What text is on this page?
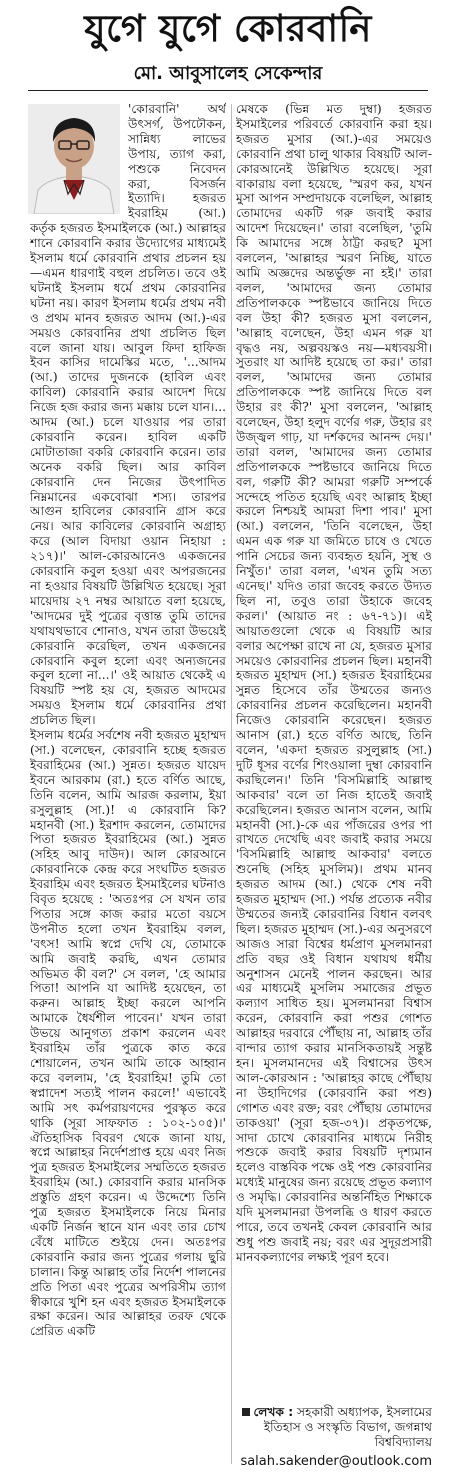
যুগে যুগে কোরবানি
মো. আবুসালেহ সেকেন্দার

'কোরবানি' অর্থ উৎসর্গ, উপঢৌকন, সান্নিধ্য লাভের উপায়, ত্যাগ করা, পশুকে নিবেদন করা, বিসর্জন ইত্যাদি। হজরত ইবরাহিম (আ.) কর্তৃক হজরত ইসমাইলকে (আ.) আল্লাহর শানে কোরবানি করার উদ্যোগের মাধ্যমেই ইসলাম ধর্মে কোরবানি প্রথার প্রচলন হয়—এমন ধারণাই বহুল প্রচলিত। তবে ওই ঘটনাই ইসলাম ধর্মে প্রথম কোরবানির ঘটনা নয়। কারণ ইসলাম ধর্মের প্রথম নবী ও প্রথম মানব হজরত আদম (আ.)-এর সময়ও কোরবানির প্রথা প্রচলিত ছিল বলে জানা যায়। আবুল ফিদা হাফিজ ইবন কাসির দামেস্কির মতে, '...আদম (আ.) তাদের দুজনকে (হাবিল এবং কাবিল) কোরবানি করার আদেশ দিয়ে নিজে হজ করার জন্য মক্কায় চলে যান।... আদম (আ.) চলে যাওয়ার পর তারা কোরবানি করেন। হাবিল একটি মোটাতাজা বকরি কোরবানি করেন। তার অনেক বকরি ছিল। আর কাবিল কোরবানি দেন নিজের উৎপাদিত নিম্নমানের একবোঝা শস্য। তারপর আগুন হাবিলের কোরবানি গ্রাস করে নেয়। আর কাবিলের কোরবানি অগ্রাহ্য করে (আল বিদায়া ওয়ান নিহায়া : ২১৭)।' আল-কোরআনেও একজনের কোরবানি কবুল হওয়া এবং অপরজনের না হওয়ার বিষয়টি উল্লিখিত হয়েছে। সূরা মায়েদায় ২৭ নম্বর আয়াতে বলা হয়েছে, 'আদমের দুই পুত্রের বৃত্তান্ত তুমি তাদের যথাযথভাবে শোনাও, যখন তারা উভয়েই কোরবানি করেছিল, তখন একজনের কোরবানি কবুল হলো এবং অন্যজনের কবুল হলো না...।' ওই আয়াত থেকেই এ বিষয়টি স্পষ্ট হয় যে, হজরত আদমের সময়ও ইসলাম ধর্মে কোরবানির প্রথা প্রচলিত ছিল।

ইসলাম ধর্মের সর্বশেষ নবী হজরত মুহাম্মদ (সা.) বলেছেন, কোরবানি হচ্ছে হজরত ইবরাহিমের (আ.) সুন্নত। হজরত যায়েদ ইবনে আরকাম (রা.) হতে বর্ণিত আছে, তিনি বলেন, আমি আরজ করলাম, ইয়া রসুলুল্লাহ (সা.)! এ কোরবানি কি? মহানবী (সা.) ইরশাদ করলেন, তোমাদের পিতা হজরত ইবরাহিমের (আ.) সুন্নত (সহিহ আবু দাউদ)। আল কোরআনে কোরবানিকে কেন্দ্র করে সংঘটিত হজরত ইবরাহিম এবং হজরত ইসমাইলের ঘটনাও বিবৃত হয়েছে : 'অতঃপর সে যখন তার পিতার সঙ্গে কাজ করার মতো বয়সে উপনীত হলো তখন ইবরাহিম বলল, 'বৎস! আমি স্বপ্নে দেখি যে, তোমাকে আমি জবাই করছি, এখন তোমার অভিমত কী বল?' সে বলল, 'হে আমার পিতা! আপনি যা আদিষ্ট হয়েছেন, তা করুন। আল্লাহ ইচ্ছা করলে আপনি আমাকে ধৈর্যশীল পাবেন।' যখন তারা উভয়ে আনুগত্য প্রকাশ করলেন এবং ইবরাহিম তাঁর পুত্রকে কাত করে শোয়ালেন, তখন আমি তাকে আহ্বান করে বললাম, 'হে ইবরাহিম! তুমি তো স্বপ্নাদেশ সত্যই পালন করলে!' এভাবেই আমি সৎ কর্মপরায়ণদের পুরস্কৃত করে থাকি (সূরা সাফফাত : ১০২-১০৫)।' ঐতিহাসিক বিবরণ থেকে জানা যায়, স্বপ্নে আল্লাহর নির্দেশপ্রাপ্ত হয়ে এবং নিজ পুত্র হজরত ইসমাইলের সম্মতিতে হজরত ইবরাহিম (আ.) কোরবানি করার মানসিক প্রস্তুতি গ্রহণ করেন। এ উদ্দেশ্যে তিনি পুত্র হজরত ইসমাইলকে নিয়ে মিনার একটি নির্জন স্থানে যান এবং তার চোখ বেঁধে মাটিতে শুইয়ে দেন। অতঃপর কোরবানি করার জন্য পুত্রের গলায় ছুরি চালান। কিন্তু আল্লাহ তাঁর নির্দেশ পালনের প্রতি পিতা এবং পুত্রের অপরিসীম ত্যাগ স্বীকারে খুশি হন এবং হজরত ইসমাইলকে রক্ষা করেন। আর আল্লাহর তরফ থেকে প্রেরিত একটি

মেষকে (ভিন্ন মত দুম্বা) হজরত ইসমাইলের পরিবর্তে কোরবানি করা হয়। হজরত মুসার (আ.)-এর সময়েও কোরবানি প্রথা চালু থাকার বিষয়টি আল-কোরআনেই উল্লিখিত হয়েছে। সূরা বাকারায় বলা হয়েছে, 'স্মরণ কর, যখন মুসা আপন সম্প্রদায়কে বলেছিল, আল্লাহ তোমাদের একটি গরু জবাই করার আদেশ দিয়েছেন।' তারা বলেছিল, 'তুমি কি আমাদের সঙ্গে ঠাট্টা করছ? মুসা বললেন, 'আল্লাহর স্মরণ নিচ্ছি, যাতে আমি অজ্ঞদের অন্তর্ভুক্ত না হই।' তারা বলল, 'আমাদের জন্য তোমার প্রতিপালককে স্পষ্টভাবে জানিয়ে দিতে বল উহা কী? হজরত মুসা বললেন, 'আল্লাহ বলেছেন, উহা এমন গরু যা বৃদ্ধও নয়, অল্পবয়স্কও নয়—মধ্যবয়সী। সুতরাং যা আদিষ্ট হয়েছে তা কর।' তারা বলল, 'আমাদের জন্য তোমার প্রতিপালককে স্পষ্ট জানিয়ে দিতে বল উহার রং কী?' মুসা বললেন, 'আল্লাহ বলেছেন, উহা হলুদ বর্ণের গরু, উহার রং উজ্জ্বল গাঢ়, যা দর্শকদের আনন্দ দেয়।' তারা বলল, 'আমাদের জন্য তোমার প্রতিপালককে স্পষ্টভাবে জানিয়ে দিতে বল, গরুটি কী? আমরা গরুটি সম্পর্কে সন্দেহে পতিত হয়েছি এবং আল্লাহ ইচ্ছা করলে নিশ্চয়ই আমরা দিশা পাব।' মুসা (আ.) বললেন, 'তিনি বলেছেন, উহা এমন এক গরু যা জমিতে চাষে ও খেতে পানি সেচের জন্য ব্যবহৃত হয়নি, সুস্থ ও নিখুঁত।' তারা বলল, 'এখন তুমি সত্য এনেছ।' যদিও তারা জবেহ করতে উদ্যত ছিল না, তবুও তারা উহাকে জবেহ করল।' (আয়াত নং : ৬৭-৭১)। এই আয়াতগুলো থেকে এ বিষয়টি আর বলার অপেক্ষা রাখে না যে, হজরত মুসার সময়েও কোরবানির প্রচলন ছিল। মহানবী হজরত মুহাম্মদ (সা.) হজরত ইবরাহিমের সুন্নত হিসেবে তাঁর উম্মতের জন্যও কোরবানির প্রচলন করেছিলেন। মহানবী নিজেও কোরবানি করেছেন। হজরত আনাস (রা.) হতে বর্ণিত আছে, তিনি বলেন, 'একদা হজরত রসুলুল্লাহ (সা.) দুটি ধূসর বর্ণের শিংওয়ালা দুম্বা কোরবানি করছিলেন।' তিনি 'বিসমিল্লাহি আল্লাহু আকবার' বলে তা নিজ হাতেই জবাই করেছিলেন। হজরত আনাস বলেন, আমি মহানবী (সা.)-কে এর পাঁজরের ওপর পা রাখতে দেখেছি এবং জবাই করার সময়ে 'বিসমিল্লাহি আল্লাহু আকবার' বলতে শুনেছি (সহিহ মুসলিম)। প্রথম মানব হজরত আদম (আ.) থেকে শেষ নবী হজরত মুহাম্মদ (সা.) পর্যন্ত প্রত্যেক নবীর উম্মতের জন্যই কোরবানির বিধান বলবৎ ছিল। হজরত মুহাম্মদ (সা.)-এর অনুসরণে আজও সারা বিশ্বের ধর্মপ্রাণ মুসলমানরা প্রতি বছর ওই বিধান যথাযথ ধর্মীয় অনুশাসন মেনেই পালন করছেন। আর এর মাধ্যমেই মুসলিম সমাজের প্রভূত কল্যাণ সাধিত হয়। মুসলমানরা বিশ্বাস করেন, কোরবানি করা পশুর গোশত আল্লাহর দরবারে পৌঁছায় না, আল্লাহ তাঁর বান্দার ত্যাগ করার মানসিকতায়ই সন্তুষ্ট হন। মুসলমানদের এই বিশ্বাসের উৎস আল-কোরআন : 'আল্লাহর কাছে পৌঁছায় না উহাদিগের (কোরবানি করা পশু) গোশত এবং রক্ত; বরং পৌঁছায় তোমাদের তাকওয়া' (সূরা হজ-৩৭)। প্রকৃতপক্ষে, সাদা চোখে কোরবানির মাধ্যমে নিরীহ পশুকে জবাই করার বিষয়টি দৃশ্যমান হলেও বাস্তবিক পক্ষে ওই পশু কোরবানির মধ্যেই মানুষের জন্য রয়েছে প্রভূত কল্যাণ ও সমৃদ্ধি। কোরবানির অন্তর্নিহিত শিক্ষাকে যদি মুসলমানরা উপলব্ধি ও ধারণ করতে পারে, তবে তখনই কেবল কোরবানি আর শুধু পশু জবাই নয়; বরং এর সুদূরপ্রসারী মানবকল্যাণের লক্ষ্যই পূরণ হবে।

লেখক : সহকারী অধ্যাপক, ইসলামের ইতিহাস ও সংস্কৃতি বিভাগ, জগন্নাথ বিশ্ববিদ্যালয়
salah.sakender@outlook.com
